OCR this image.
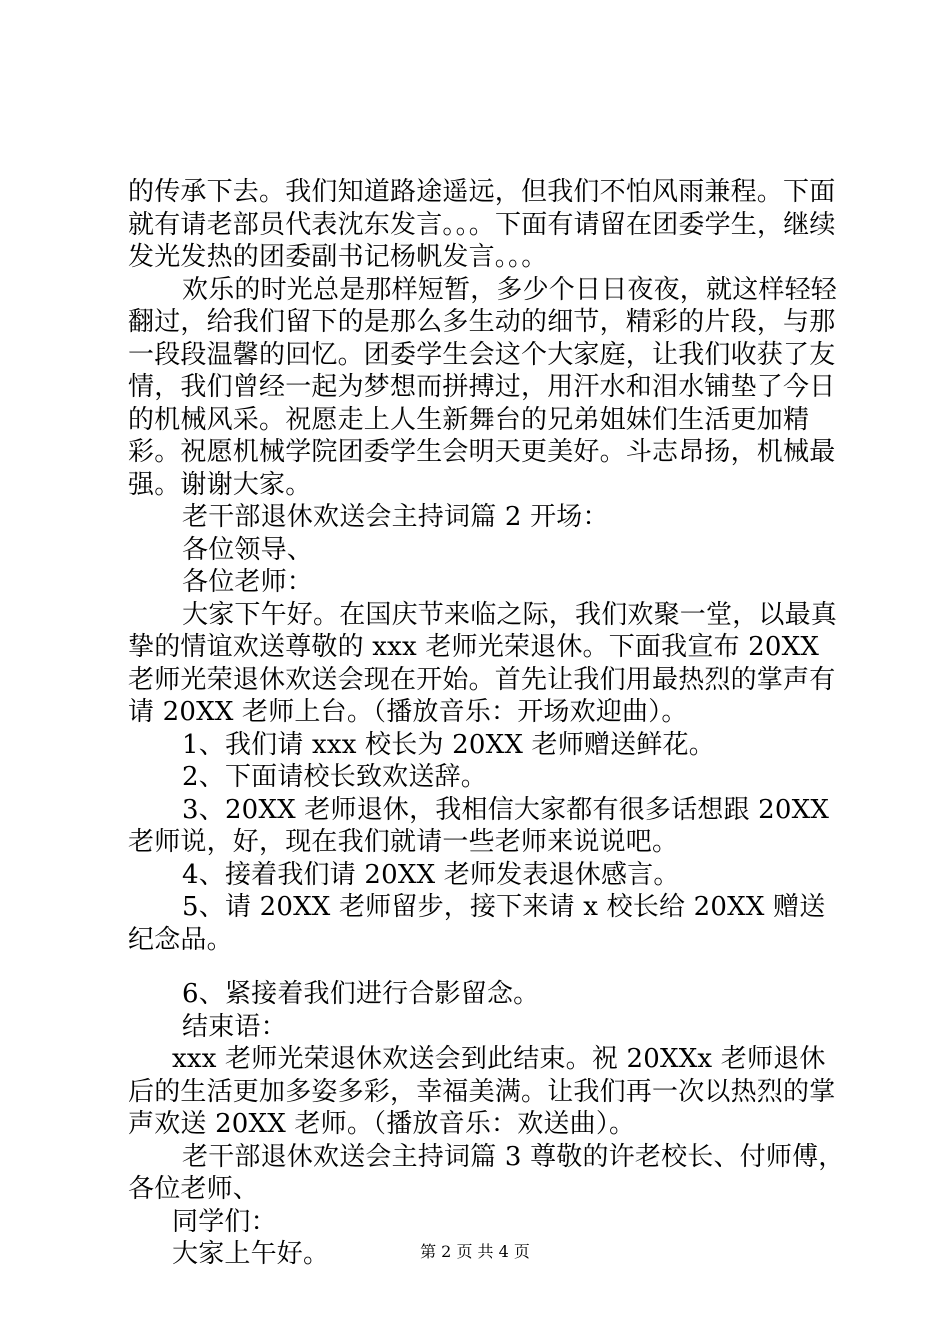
的传承下去。我们知道路途遥远，但我们不怕风雨兼程。下面就有请老部员代表沈东发言。。。下面有请留在团委学生，继续发光发热的团委副书记杨帆发言。。。

欢乐的时光总是那样短暂，多少个日日夜夜，就这样轻轻翻过，给我们留下的是那么多生动的细节，精彩的片段，与那一段段温馨的回忆。团委学生会这个大家庭，让我们收获了友情，我们曾经一起为梦想而拼搏过，用汗水和泪水铺垫了今日的机械风采。祝愿走上人生新舞台的兄弟姐妹们生活更加精彩。祝愿机械学院团委学生会明天更美好。斗志昂扬，机械最强。谢谢大家。

老干部退休欢送会主持词篇 2 开场：

各位领导、

各位老师：

大家下午好。在国庆节来临之际，我们欢聚一堂，以最真挚的情谊欢送尊敬的 xxx 老师光荣退休。下面我宣布 20XX 老师光荣退休欢送会现在开始。首先让我们用最热烈的掌声有请 20XX 老师上台。（播放音乐：开场欢迎曲）。

1、我们请 xxx 校长为 20XX 老师赠送鲜花。

2、下面请校长致欢送辞。

3、20XX 老师退休，我相信大家都有很多话想跟 20XX 老师说，好，现在我们就请一些老师来说说吧。

4、接着我们请 20XX 老师发表退休感言。

5、请 20XX 老师留步，接下来请 x 校长给 20XX 赠送纪念品。

6、紧接着我们进行合影留念。

结束语：

xxx 老师光荣退休欢送会到此结束。祝 20XXx 老师退休后的生活更加多姿多彩，幸福美满。让我们再一次以热烈的掌声欢送 20XX 老师。（播放音乐：欢送曲）。

老干部退休欢送会主持词篇 3 尊敬的许老校长、付师傅，各位老师、

同学们：

大家上午好。	第 2 页 共 4 页
